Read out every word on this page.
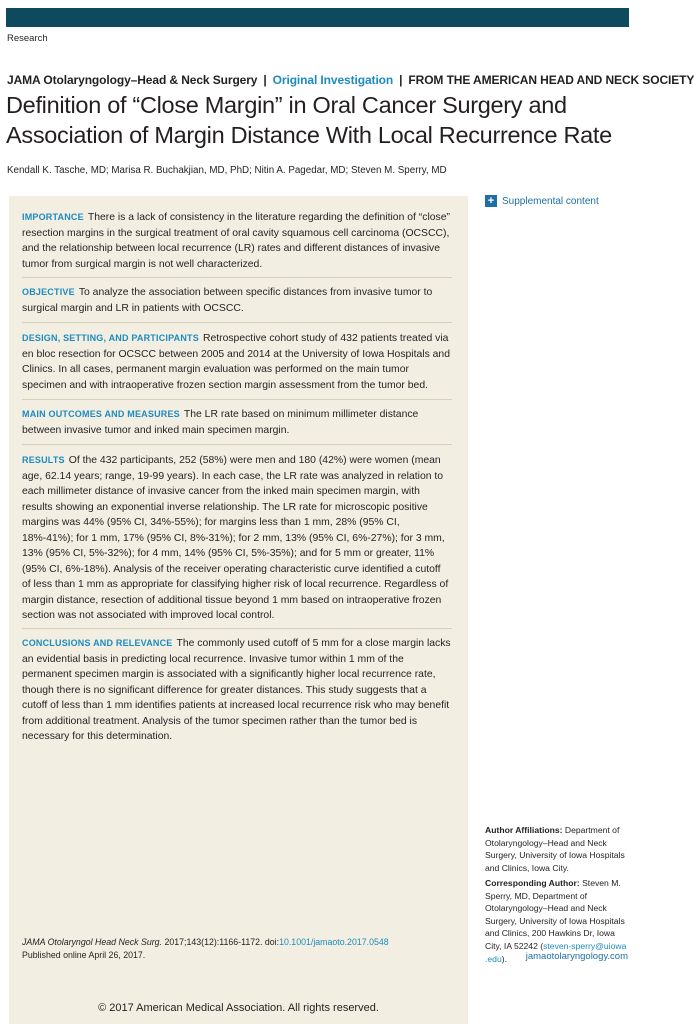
Research
JAMA Otolaryngology–Head & Neck Surgery | Original Investigation | FROM THE AMERICAN HEAD AND NECK SOCIETY
Definition of “Close Margin” in Oral Cancer Surgery and Association of Margin Distance With Local Recurrence Rate
Kendall K. Tasche, MD; Marisa R. Buchakjian, MD, PhD; Nitin A. Pagedar, MD; Steven M. Sperry, MD

IMPORTANCE There is a lack of consistency in the literature regarding the definition of “close” resection margins in the surgical treatment of oral cavity squamous cell carcinoma (OCSCC), and the relationship between local recurrence (LR) rates and different distances of invasive tumor from surgical margin is not well characterized.

OBJECTIVE To analyze the association between specific distances from invasive tumor to surgical margin and LR in patients with OCSCC.

DESIGN, SETTING, AND PARTICIPANTS Retrospective cohort study of 432 patients treated via en bloc resection for OCSCC between 2005 and 2014 at the University of Iowa Hospitals and Clinics. In all cases, permanent margin evaluation was performed on the main tumor specimen and with intraoperative frozen section margin assessment from the tumor bed.

MAIN OUTCOMES AND MEASURES The LR rate based on minimum millimeter distance between invasive tumor and inked main specimen margin.

RESULTS Of the 432 participants, 252 (58%) were men and 180 (42%) were women (mean age, 62.14 years; range, 19-99 years). In each case, the LR rate was analyzed in relation to each millimeter distance of invasive cancer from the inked main specimen margin, with results showing an exponential inverse relationship. The LR rate for microscopic positive margins was 44% (95% CI, 34%-55%); for margins less than 1 mm, 28% (95% CI, 18%-41%); for 1 mm, 17% (95% CI, 8%-31%); for 2 mm, 13% (95% CI, 6%-27%); for 3 mm, 13% (95% CI, 5%-32%); for 4 mm, 14% (95% CI, 5%-35%); and for 5 mm or greater, 11% (95% CI, 6%-18%). Analysis of the receiver operating characteristic curve identified a cutoff of less than 1 mm as appropriate for classifying higher risk of local recurrence. Regardless of margin distance, resection of additional tissue beyond 1 mm based on intraoperative frozen section was not associated with improved local control.

CONCLUSIONS AND RELEVANCE The commonly used cutoff of 5 mm for a close margin lacks an evidential basis in predicting local recurrence. Invasive tumor within 1 mm of the permanent specimen margin is associated with a significantly higher local recurrence rate, though there is no significant difference for greater distances. This study suggests that a cutoff of less than 1 mm identifies patients at increased local recurrence risk who may benefit from additional treatment. Analysis of the tumor specimen rather than the tumor bed is necessary for this determination.

JAMA Otolaryngol Head Neck Surg. 2017;143(12):1166-1172. doi:10.1001/jamaoto.2017.0548
Published online April 26, 2017.
© 2017 American Medical Association. All rights reserved.
+ Supplemental content
Author Affiliations: Department of Otolaryngology–Head and Neck Surgery, University of Iowa Hospitals and Clinics, Iowa City.
Corresponding Author: Steven M. Sperry, MD, Department of Otolaryngology–Head and Neck Surgery, University of Iowa Hospitals and Clinics, 200 Hawkins Dr, Iowa City, IA 52242 (steven-sperry@uiowa .edu).	jamaotolaryngology.com
